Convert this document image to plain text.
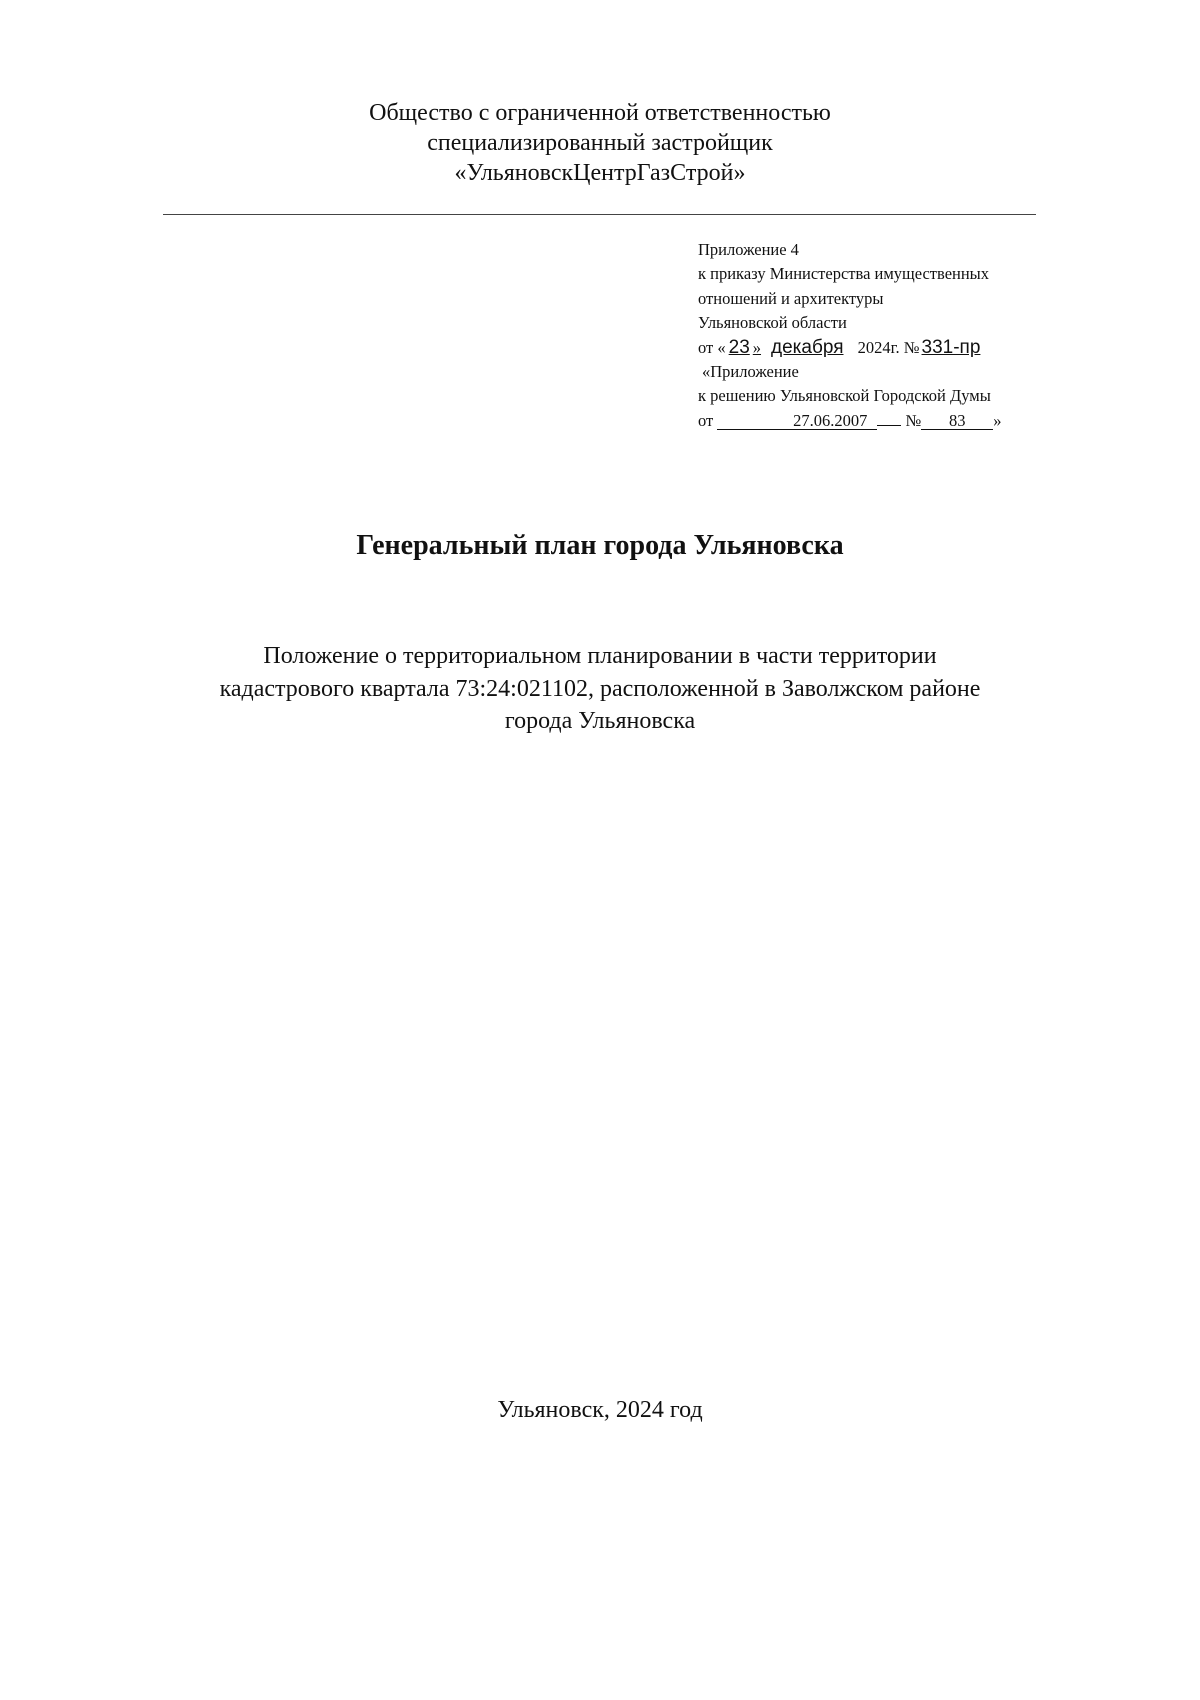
Общество с ограниченной ответственностью
специализированный застройщик
«УльяновскЦентрГазСтрой»
Приложение 4
к приказу Министерства имущественных
отношений и архитектуры
Ульяновской области
от « 23 » декабря 2024г. № 331-пр
«Приложение
к решению Ульяновской Городской Думы
от	27.06.2007 № 83 »
Генеральный план города Ульяновска
Положение о территориальном планировании в части территории
кадастрового квартала 73:24:021102, расположенной в Заволжском районе
города Ульяновска
Ульяновск, 2024 год
